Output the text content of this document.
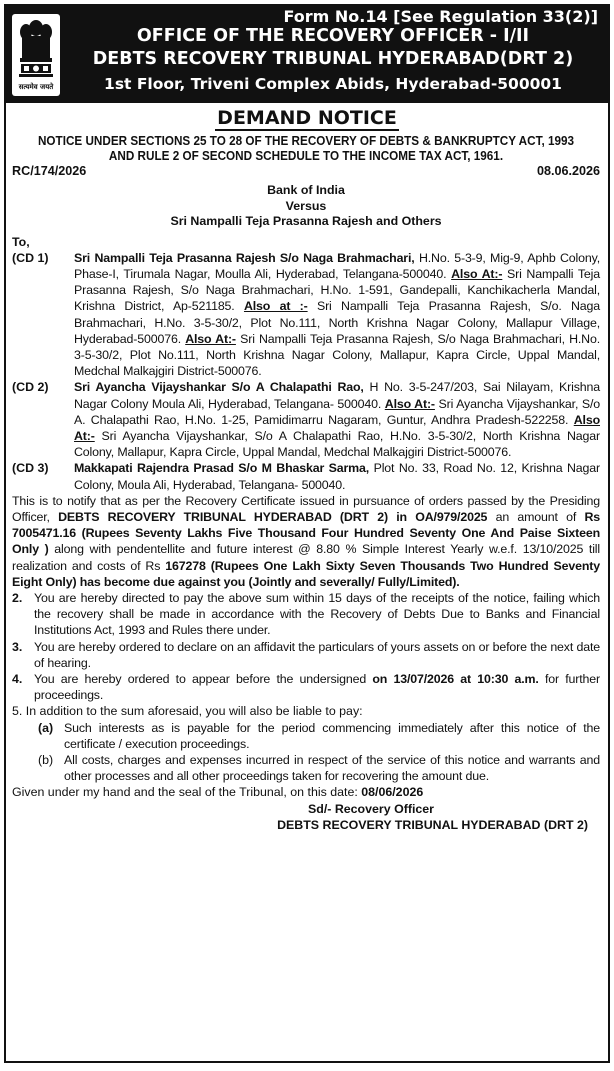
सत्यमेव जयते
Form No.14 [See Regulation 33(2)]
OFFICE OF THE RECOVERY OFFICER - I/II
DEBTS RECOVERY TRIBUNAL HYDERABAD(DRT 2)
1st Floor, Triveni Complex Abids, Hyderabad-500001
DEMAND NOTICE
NOTICE UNDER SECTIONS 25 TO 28 OF THE RECOVERY OF DEBTS & BANKRUPTCY ACT, 1993 AND RULE 2 OF SECOND SCHEDULE TO THE INCOME TAX ACT, 1961.
RC/174/2026	08.06.2026
Bank of India
Versus
Sri Nampalli Teja Prasanna Rajesh and Others
To,
(CD 1)	Sri Nampalli Teja Prasanna Rajesh S/o Naga Brahmachari, H.No. 5-3-9, Mig-9, Aphb Colony, Phase-I, Tirumala Nagar, Moulla Ali, Hyderabad, Telangana-500040. Also At:- Sri Nampalli Teja Prasanna Rajesh, S/o Naga Brahmachari, H.No. 1-591, Gandepalli, Kanchikacherla Mandal, Krishna District, Ap-521185. Also at :- Sri Nampalli Teja Prasanna Rajesh, S/o. Naga Brahmachari, H.No. 3-5-30/2, Plot No.111, North Krishna Nagar Colony, Mallapur Village, Hyderabad-500076. Also At:- Sri Nampalli Teja Prasanna Rajesh, S/o Naga Brahmachari, H.No. 3-5-30/2, Plot No.111, North Krishna Nagar Colony, Mallapur, Kapra Circle, Uppal Mandal, Medchal Malkajgiri District-500076.
(CD 2)	Sri Ayancha Vijayshankar S/o A Chalapathi Rao, H No. 3-5-247/203, Sai Nilayam, Krishna Nagar Colony Moula Ali, Hyderabad, Telangana- 500040. Also At:- Sri Ayancha Vijayshankar, S/o A. Chalapathi Rao, H.No. 1-25, Pamidimarru Nagaram, Guntur, Andhra Pradesh-522258. Also At:- Sri Ayancha Vijayshankar, S/o A Chalapathi Rao, H.No. 3-5-30/2, North Krishna Nagar Colony, Mallapur, Kapra Circle, Uppal Mandal, Medchal Malkajgiri District-500076.
(CD 3)	Makkapati Rajendra Prasad S/o M Bhaskar Sarma, Plot No. 33, Road No. 12, Krishna Nagar Colony, Moula Ali, Hyderabad, Telangana- 500040.
This is to notify that as per the Recovery Certificate issued in pursuance of orders passed by the Presiding Officer, DEBTS RECOVERY TRIBUNAL HYDERABAD (DRT 2) in OA/979/2025 an amount of Rs 7005471.16 (Rupees Seventy Lakhs Five Thousand Four Hundred Seventy One And Paise Sixteen Only ) along with pendentellite and future interest @ 8.80 % Simple Interest Yearly w.e.f. 13/10/2025 till realization and costs of Rs 167278 (Rupees One Lakh Sixty Seven Thousands Two Hundred Seventy Eight Only) has become due against you (Jointly and severally/ Fully/Limited).
2. You are hereby directed to pay the above sum within 15 days of the receipts of the notice, failing which the recovery shall be made in accordance with the Recovery of Debts Due to Banks and Financial Institutions Act, 1993 and Rules there under.
3. You are hereby ordered to declare on an affidavit the particulars of yours assets on or before the next date of hearing.
4. You are hereby ordered to appear before the undersigned on 13/07/2026 at 10:30 a.m. for further proceedings.
5. In addition to the sum aforesaid, you will also be liable to pay:
(a) Such interests as is payable for the period commencing immediately after this notice of the certificate / execution proceedings.
(b) All costs, charges and expenses incurred in respect of the service of this notice and warrants and other processes and all other proceedings taken for recovering the amount due.
Given under my hand and the seal of the Tribunal, on this date: 08/06/2026
Sd/- Recovery Officer
DEBTS RECOVERY TRIBUNAL HYDERABAD (DRT 2)
